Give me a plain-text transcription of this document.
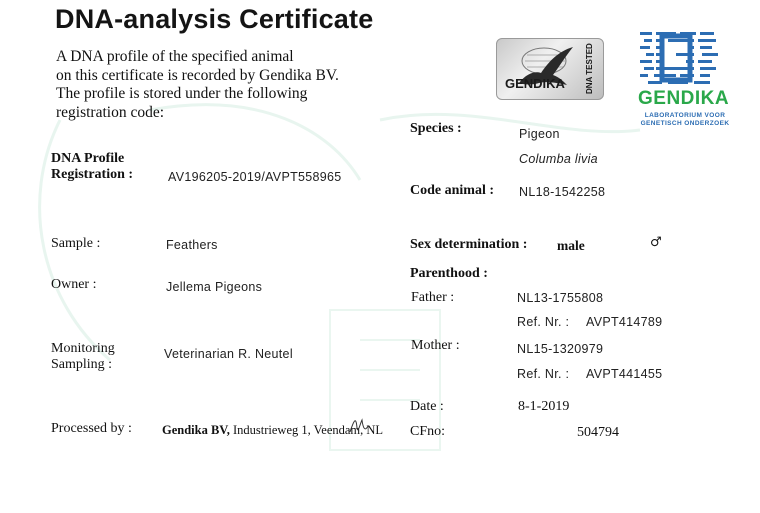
DNA-analysis Certificate
A DNA profile of the specified animal
on this certificate is recorded by Gendika BV.
The profile is stored under the following
registration code:
GENDIKA	DNA TESTED
GENDIKA
LABORATORIUM VOOR
GENETISCH ONDERZOEK
DNA Profile
Registration :	AV196205-2019/AVPT558965
Sample :	Feathers
Owner :	Jellema Pigeons
Monitoring
Sampling :
Veterinarian R. Neutel
Processed by : Gendika BV, Industrieweg 1, Veendam, NL
Species :	Pigeon
Columba livia
Code animal : NL18-1542258
Sex determination : male	♂
Parenthood :
Father :	NL13-1755808
Ref. Nr. : AVPT414789
Mother :	NL15-1320979
Ref. Nr. : AVPT441455
Date :	8-1-2019
CFno:	504794
